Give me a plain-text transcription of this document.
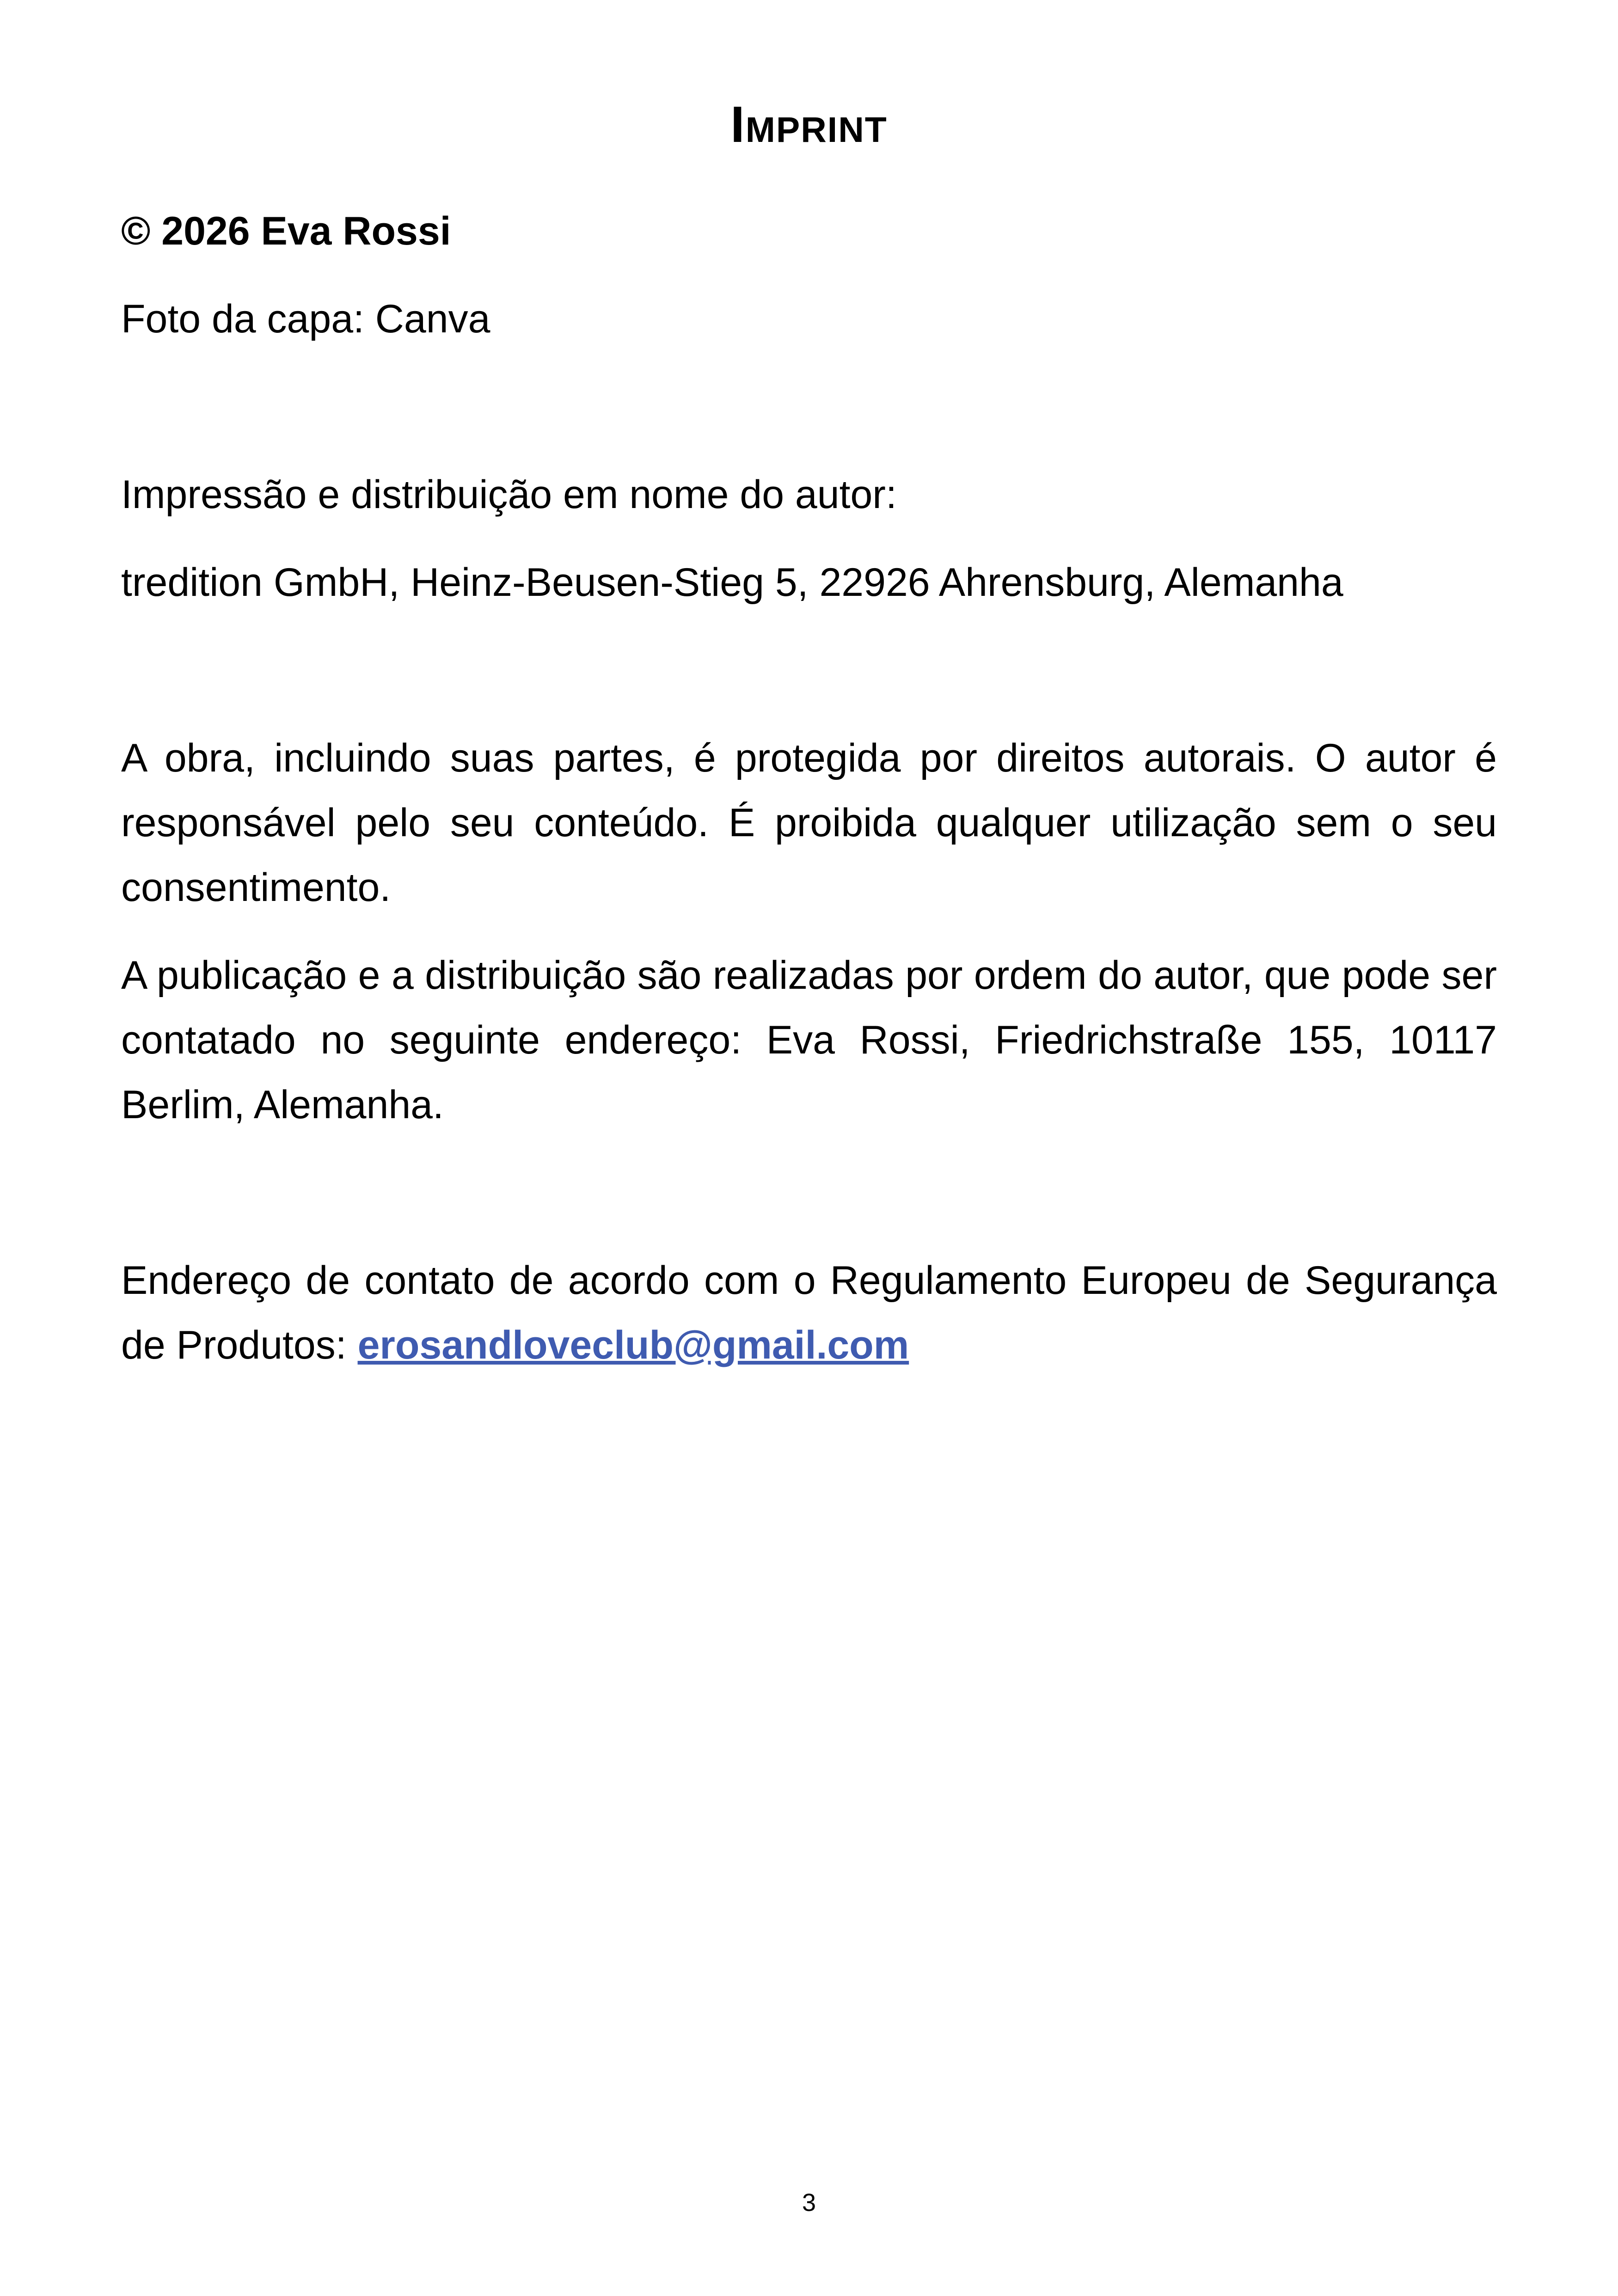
Imprint
© 2026 Eva Rossi
Foto da capa: Canva
Impressão e distribuição em nome do autor:
tredition GmbH, Heinz-Beusen-Stieg 5, 22926 Ahrensburg, Alemanha
A obra, incluindo suas partes, é protegida por direitos autorais. O autor é responsável pelo seu conteúdo. É proibida qualquer utilização sem o seu consentimento.
A publicação e a distribuição são realizadas por ordem do autor, que pode ser contatado no seguinte endereço: Eva Rossi, Friedrichstraße 155, 10117 Berlim, Alemanha.
Endereço de contato de acordo com o Regulamento Europeu de Segurança de Produtos: erosandloveclub@gmail.com
3
